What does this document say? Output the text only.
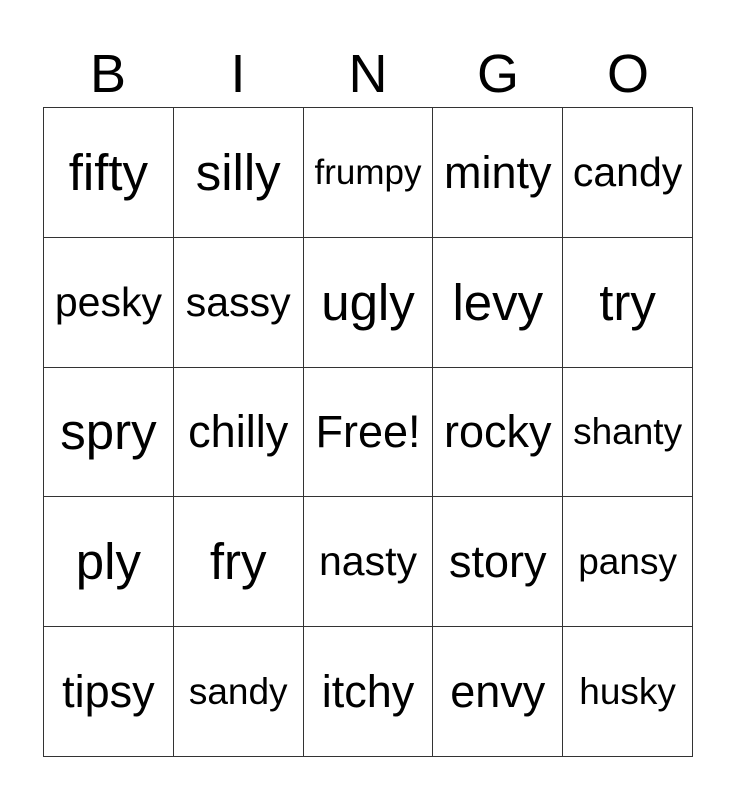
B	I	N	G	O
fifty silly frumpy minty candy
pesky sassy ugly levy try
spry chilly Free! rocky shanty
ply fry nasty story pansy
tipsy sandy itchy envy husky
